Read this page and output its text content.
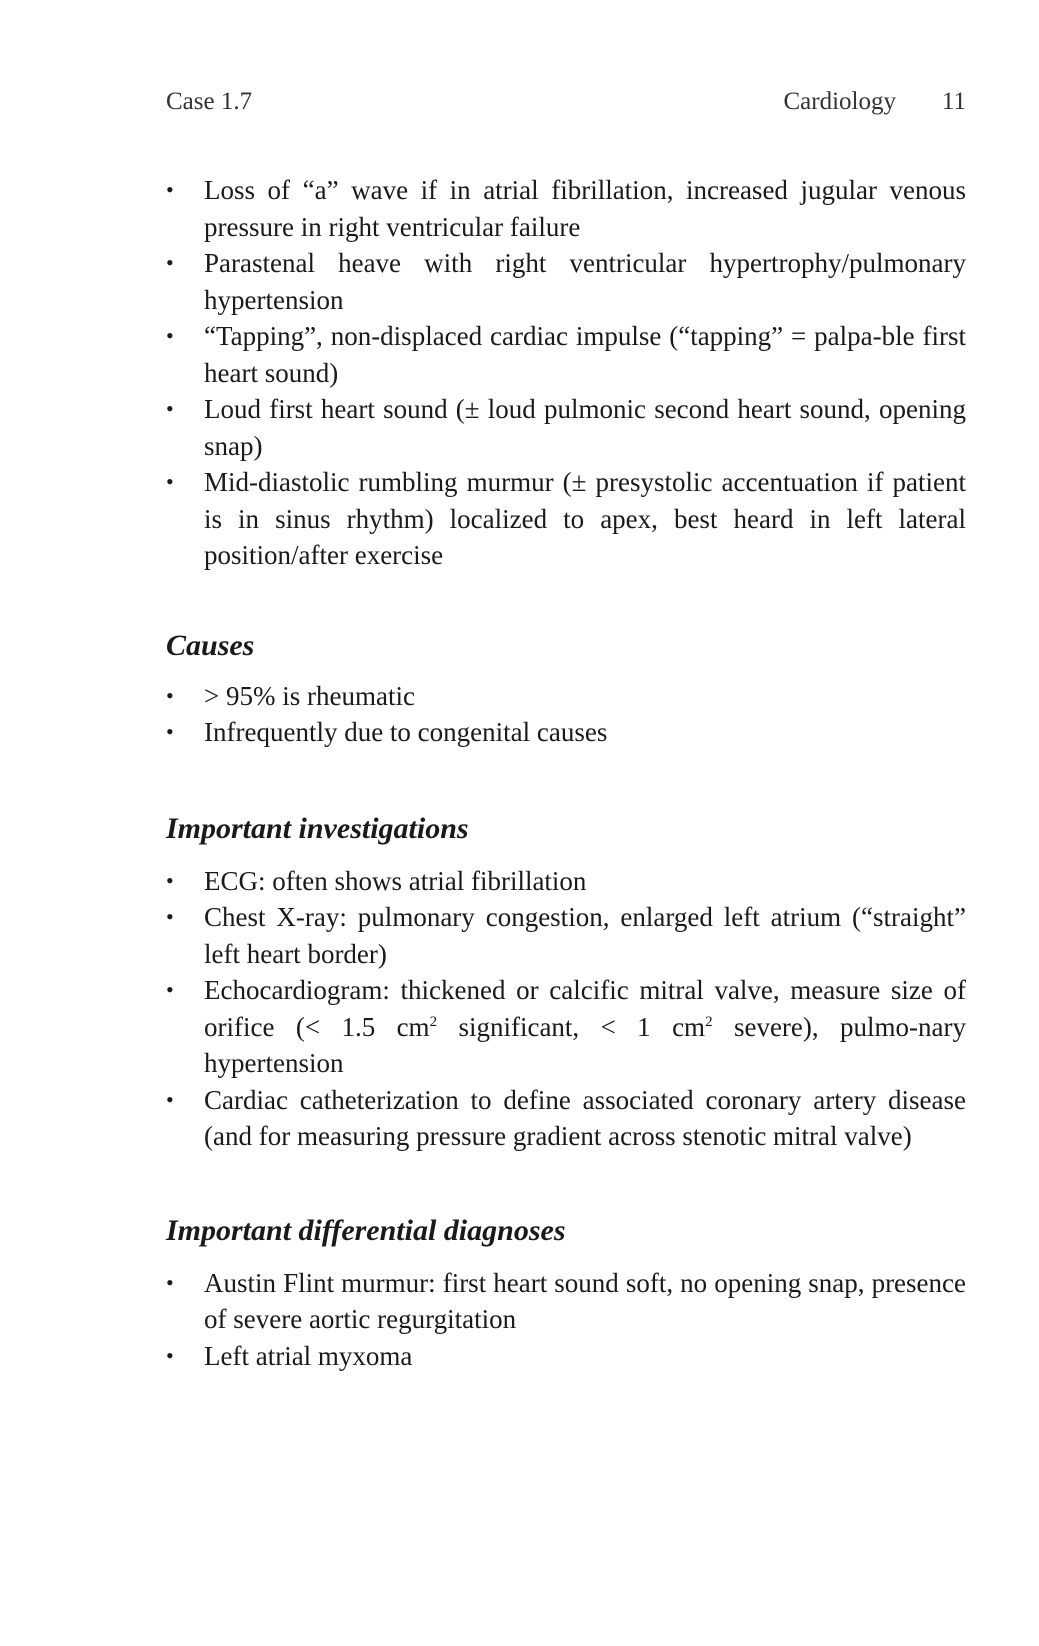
Case 1.7	Cardiology 11
• Loss of “a” wave if in atrial fibrillation, increased jugular venous pressure in right ventricular failure
• Parastenal heave with right ventricular hypertrophy/pulmonary hypertension
• “Tapping”, non-displaced cardiac impulse (“tapping” = palpa-ble first heart sound)
• Loud first heart sound (± loud pulmonic second heart sound, opening snap)
• Mid-diastolic rumbling murmur (± presystolic accentuation if patient is in sinus rhythm) localized to apex, best heard in left lateral position/after exercise
Causes
• > 95% is rheumatic
• Infrequently due to congenital causes
Important investigations
• ECG: often shows atrial fibrillation
• Chest X-ray: pulmonary congestion, enlarged left atrium (“straight” left heart border)
• Echocardiogram: thickened or calcific mitral valve, measure size of orifice (< 1.5 $cm^2$ significant, < 1 $cm^2$ severe), pulmo-nary hypertension
• Cardiac catheterization to define associated coronary artery disease (and for measuring pressure gradient across stenotic mitral valve)
Important differential diagnoses
• Austin Flint murmur: first heart sound soft, no opening snap, presence of severe aortic regurgitation
• Left atrial myxoma
